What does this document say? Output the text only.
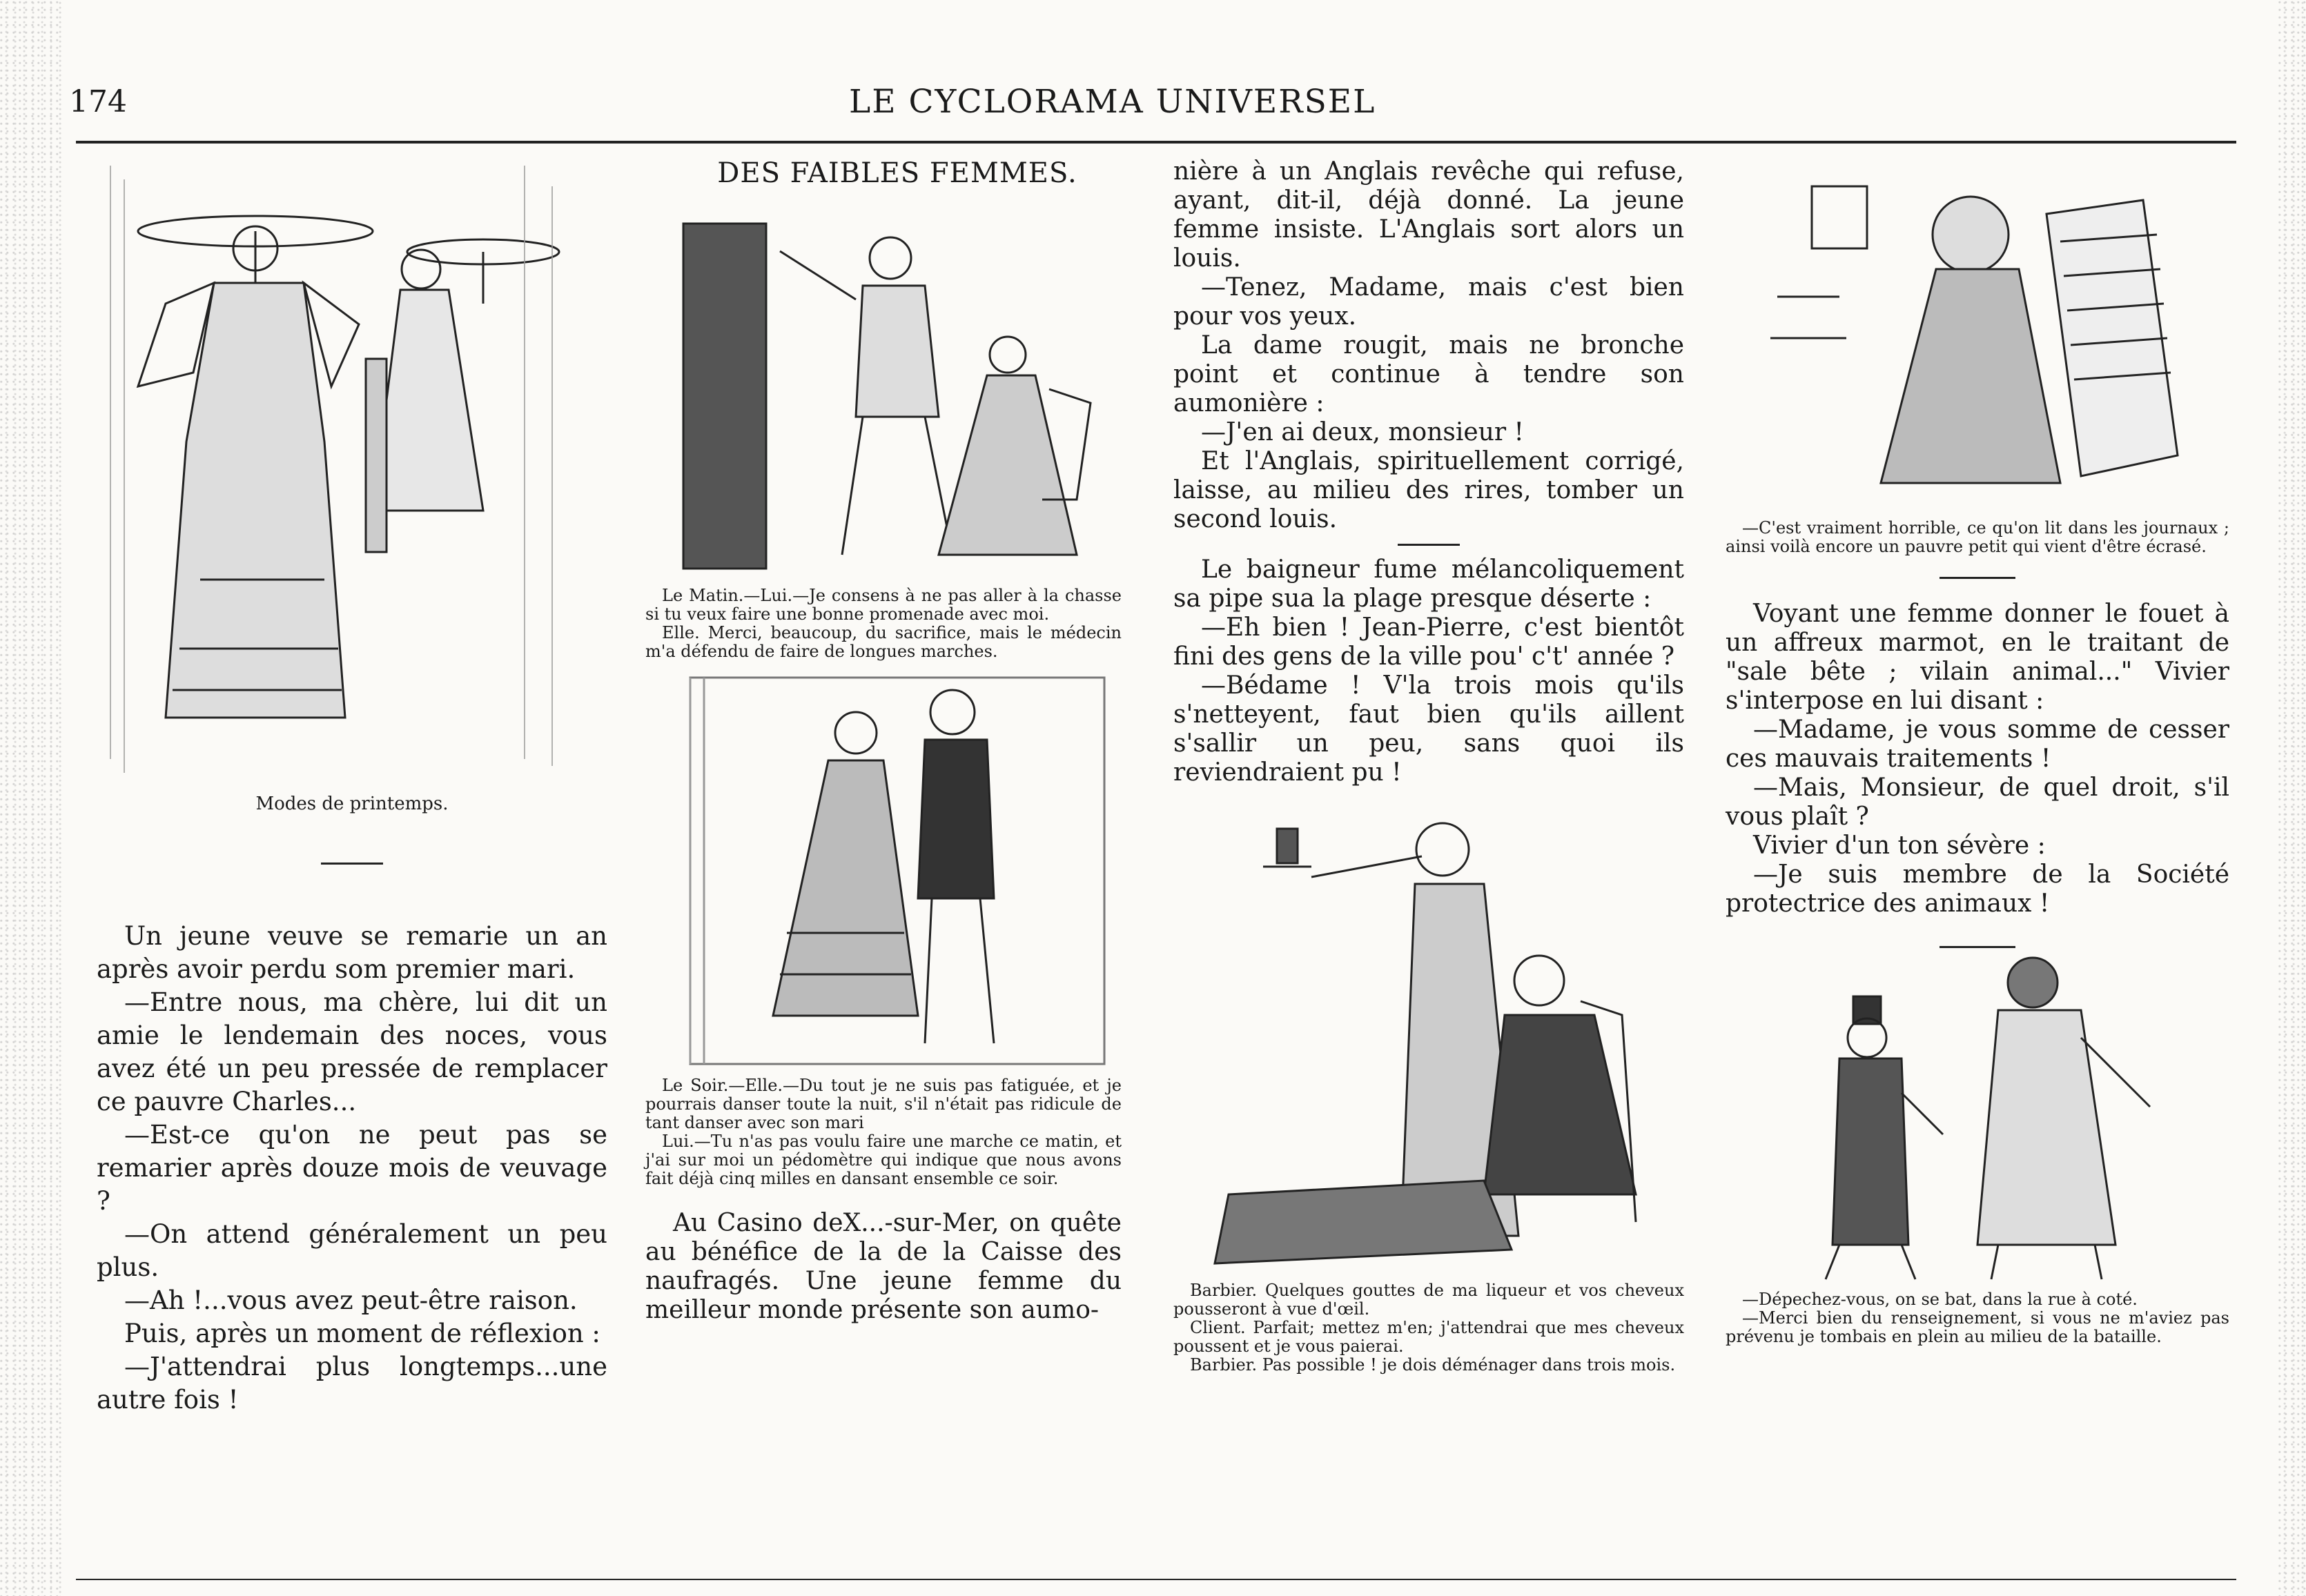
174	LE CYCLORAMA UNIVERSEL
Modes de printemps.

Un jeune veuve se remarie un an après avoir perdu som premier mari.

—Entre nous, ma chère, lui dit un amie le lendemain des noces, vous avez été un peu pressée de remplacer ce pauvre Charles...

—Est-ce qu'on ne peut pas se remarier après douze mois de veuvage ?

—On attend généralement un peu plus.

—Ah !...vous avez peut-être raison.

Puis, après un moment de réflexion :

—J'attendrai plus longtemps...une autre fois !

DES FAIBLES FEMMES.

Le Matin.—Lui.—Je consens à ne pas aller à la chasse si tu veux faire une bonne promenade avec moi.

Elle. Merci, beaucoup, du sacrifice, mais le médecin m'a défendu de faire de longues marches.

Le Soir.—Elle.—Du tout je ne suis pas fatiguée, et je pourrais danser toute la nuit, s'il n'était pas ridicule de tant danser avec son mari

Lui.—Tu n'as pas voulu faire une marche ce matin, et j'ai sur moi un pédomètre qui indique que nous avons fait déjà cinq milles en dansant ensemble ce soir.

Au Casino deX...-sur-Mer, on quête au bénéfice de la de la Caisse des naufragés. Une jeune femme du meilleur monde présente son aumo-

nière à un Anglais revêche qui refuse, ayant, dit-il, déjà donné. La jeune femme insiste. L'Anglais sort alors un louis.

—Tenez, Madame, mais c'est bien pour vos yeux.

La dame rougit, mais ne bronche point et continue à tendre son aumonière :

—J'en ai deux, monsieur !

Et l'Anglais, spirituellement corrigé, laisse, au milieu des rires, tomber un second louis.

Le baigneur fume mélancoliquement sa pipe sua la plage presque déserte :

—Eh bien ! Jean-Pierre, c'est bientôt fini des gens de la ville pou' c't' année ?

—Bédame ! V'la trois mois qu'ils s'netteyent, faut bien qu'ils aillent s'sallir un peu, sans quoi ils reviendraient pu !

Barbier. Quelques gouttes de ma liqueur et vos cheveux pousseront à vue d'œil.

Client. Parfait; mettez m'en; j'attendrai que mes cheveux poussent et je vous paierai.

Barbier. Pas possible ! je dois déménager dans trois mois.

—C'est vraiment horrible, ce qu'on lit dans les journaux ; ainsi voilà encore un pauvre petit qui vient d'être écrasé.

Voyant une femme donner le fouet à un affreux marmot, en le traitant de "sale bête ; vilain animal..." Vivier s'interpose en lui disant :

—Madame, je vous somme de cesser ces mauvais traitements !

—Mais, Monsieur, de quel droit, s'il vous plaît ?

Vivier d'un ton sévère :

—Je suis membre de la Société protectrice des animaux !

—Dépechez-vous, on se bat, dans la rue à coté.

—Merci bien du renseignement, si vous ne m'aviez pas prévenu je tombais en plein au milieu de la bataille.
